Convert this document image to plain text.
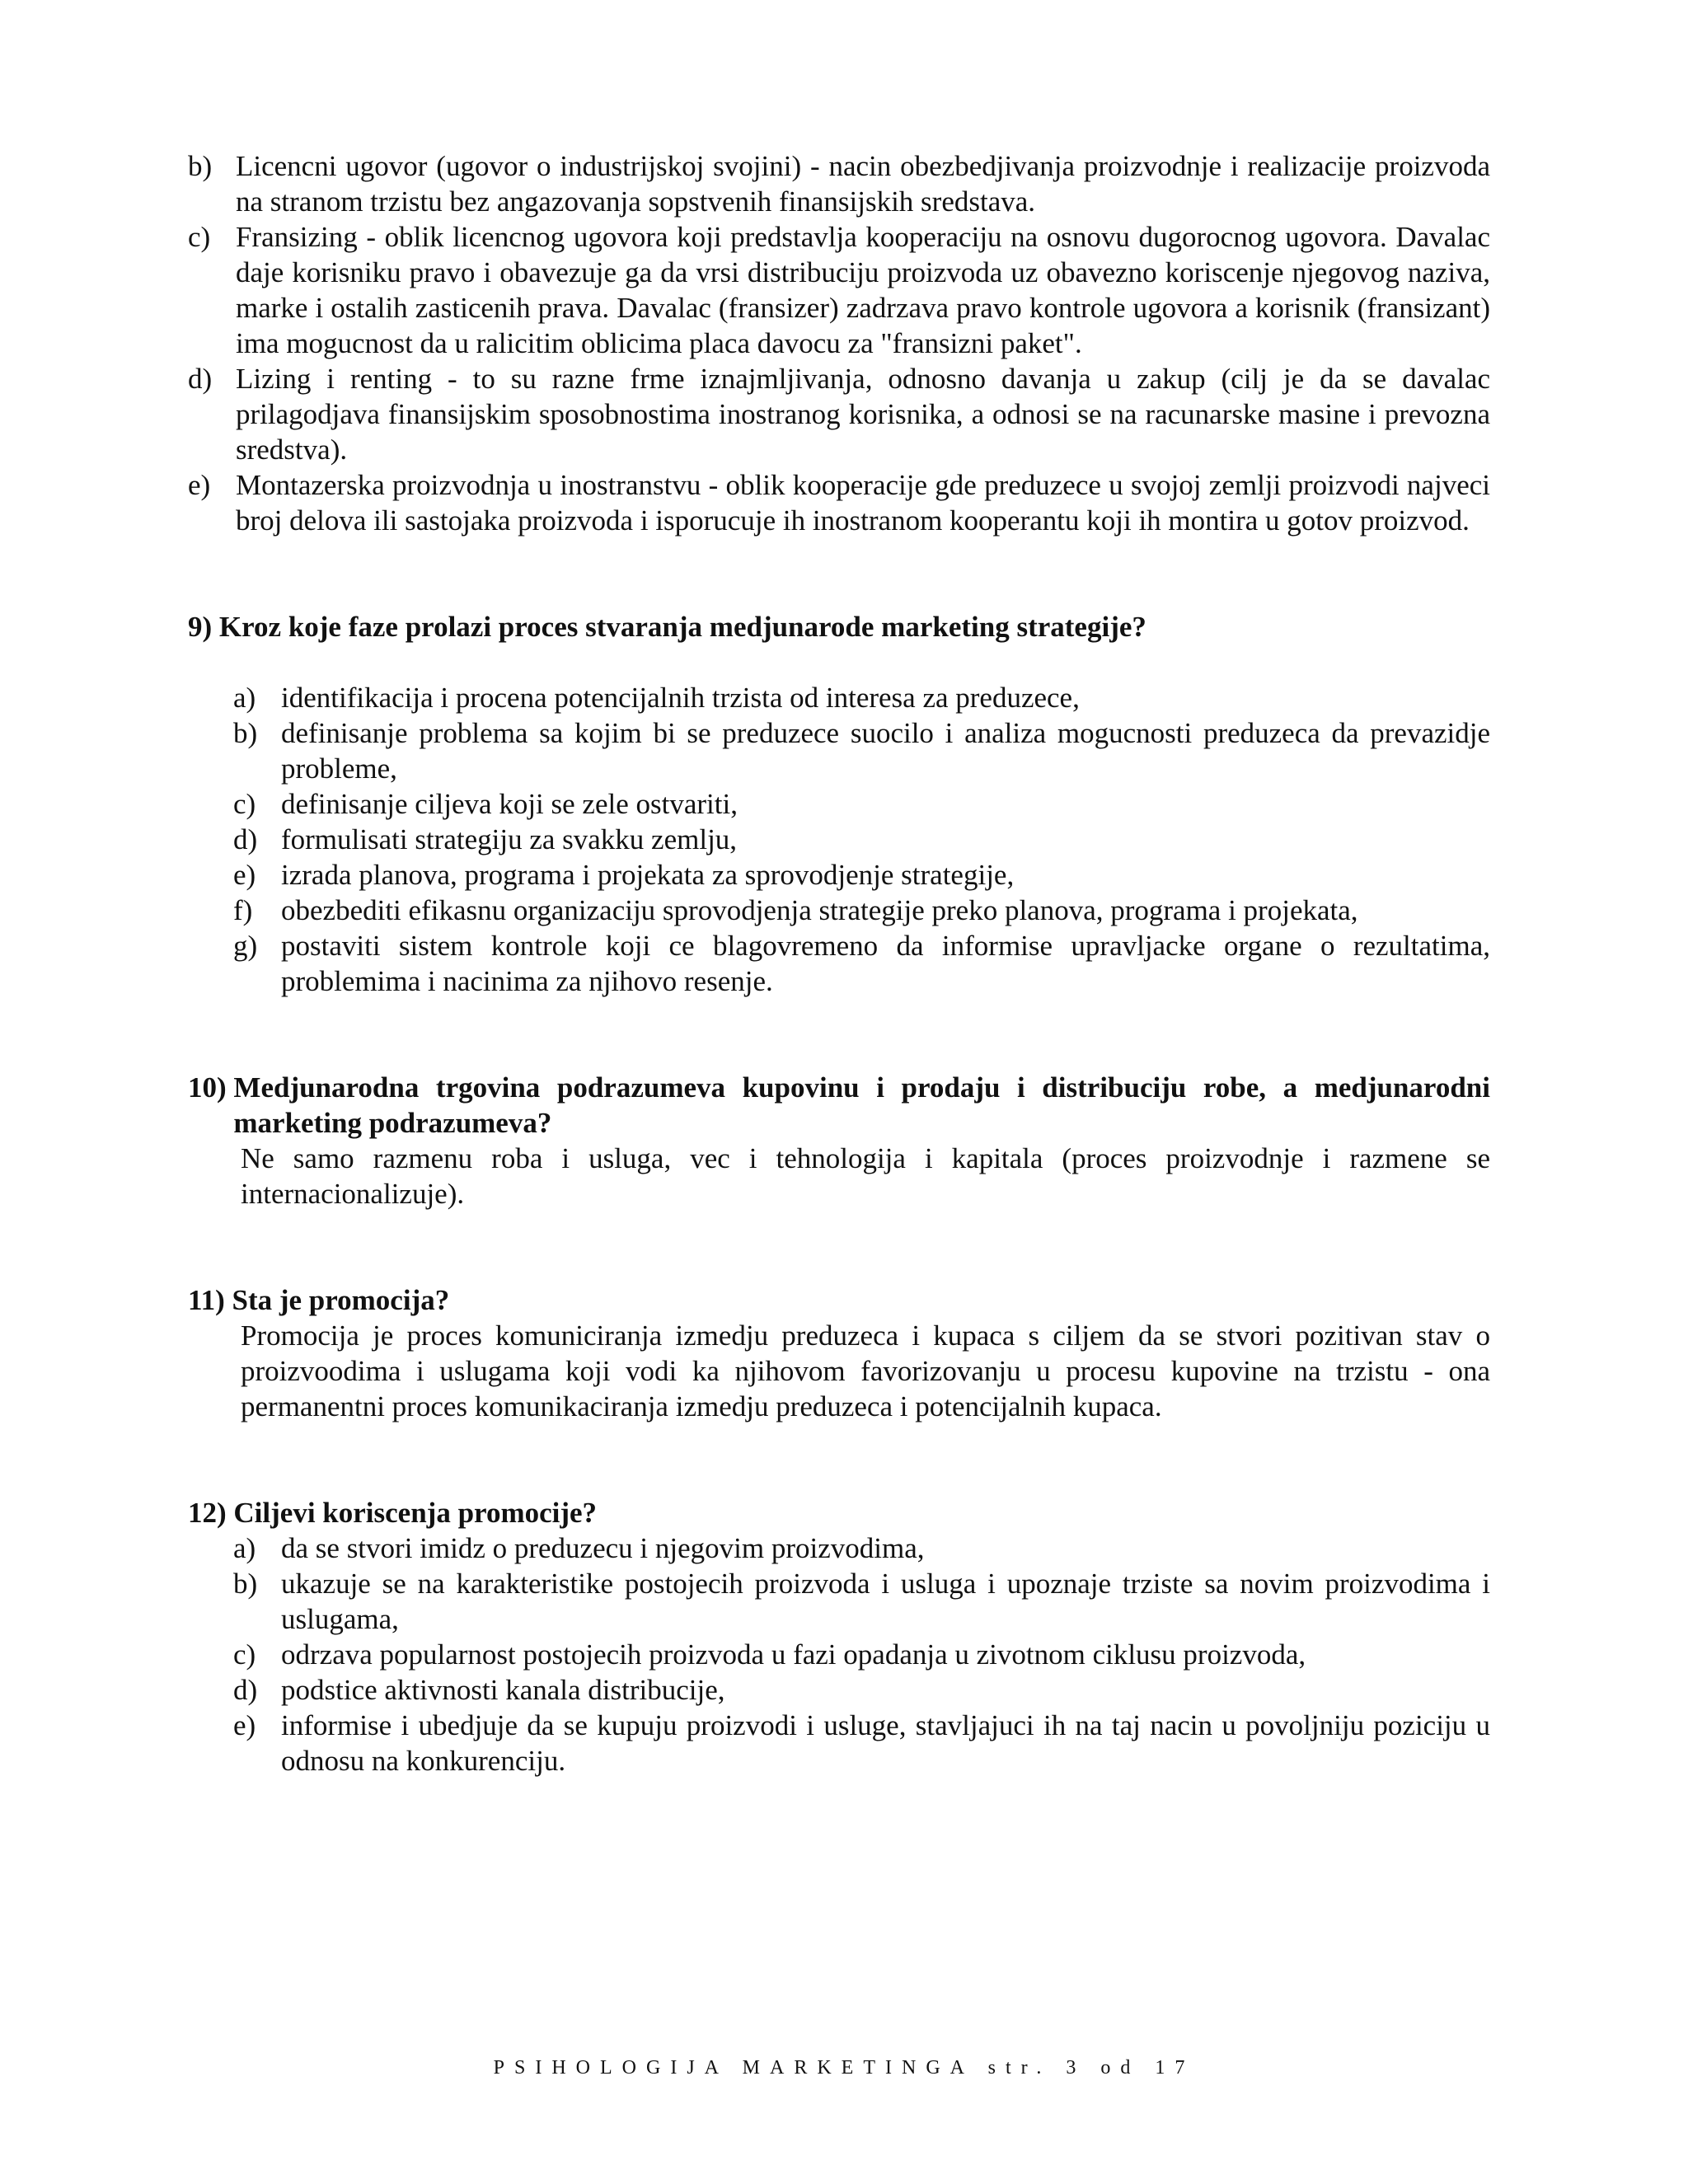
b) Licencni ugovor (ugovor o industrijskoj svojini) - nacin obezbedjivanja proizvodnje i realizacije proizvoda na stranom trzistu bez angazovanja sopstvenih finansijskih sredstava.
c) Fransizing - oblik licencnog ugovora koji predstavlja kooperaciju na osnovu dugorocnog ugovora. Davalac daje korisniku pravo i obavezuje ga da vrsi distribuciju proizvoda uz obavezno koriscenje njegovog naziva, marke i ostalih zasticenih prava. Davalac (fransizer) zadrzava pravo kontrole ugovora a korisnik (fransizant) ima mogucnost da u ralicitim oblicima placa davocu za "fransizni paket".
d) Lizing i renting - to su razne frme iznajmljivanja, odnosno davanja u zakup (cilj je da se davalac prilagodjava finansijskim sposobnostima inostranog korisnika, a odnosi se na racunarske masine i prevozna sredstva).
e) Montazerska proizvodnja u inostranstvu - oblik kooperacije gde preduzece u svojoj zemlji proizvodi najveci broj delova ili sastojaka proizvoda i isporucuje ih inostranom kooperantu koji ih montira u gotov proizvod.
9) Kroz koje faze prolazi proces stvaranja medjunarode marketing strategije?
a) identifikacija i procena potencijalnih trzista od interesa za preduzece,
b) definisanje problema sa kojim bi se preduzece suocilo i analiza mogucnosti preduzeca da prevazidje probleme,
c) definisanje ciljeva koji se zele ostvariti,
d) formulisati strategiju za svakku zemlju,
e) izrada planova, programa i projekata za sprovodjenje strategije,
f) obezbediti efikasnu organizaciju sprovodjenja strategije preko planova, programa i projekata,
g) postaviti sistem kontrole koji ce blagovremeno da informise upravljacke organe o rezultatima, problemima i nacinima za njihovo resenje.
10) Medjunarodna trgovina podrazumeva kupovinu i prodaju i distribuciju robe, a medjunarodni marketing podrazumeva?
Ne samo razmenu roba i usluga, vec i tehnologija i kapitala (proces proizvodnje i razmene se internacionalizuje).
11) Sta je promocija?
Promocija je proces komuniciranja izmedju preduzeca i kupaca s ciljem da se stvori pozitivan stav o proizvoodima i uslugama koji vodi ka njihovom favorizovanju u procesu kupovine na trzistu - ona permanentni proces komunikaciranja izmedju preduzeca i potencijalnih kupaca.
12) Ciljevi koriscenja promocije?
a) da se stvori imidz o preduzecu i njegovim proizvodima,
b) ukazuje se na karakteristike postojecih proizvoda i usluga i upoznaje trziste sa novim proizvodima i uslugama,
c) odrzava popularnost postojecih proizvoda u fazi opadanja u zivotnom ciklusu proizvoda,
d) podstice aktivnosti kanala distribucije,
e) informise i ubedjuje da se kupuju proizvodi i usluge, stavljajuci ih na taj nacin u povoljniju poziciju u odnosu na konkurenciju.
PSIHOLOGIJA MARKETINGA str. 3 od 17
